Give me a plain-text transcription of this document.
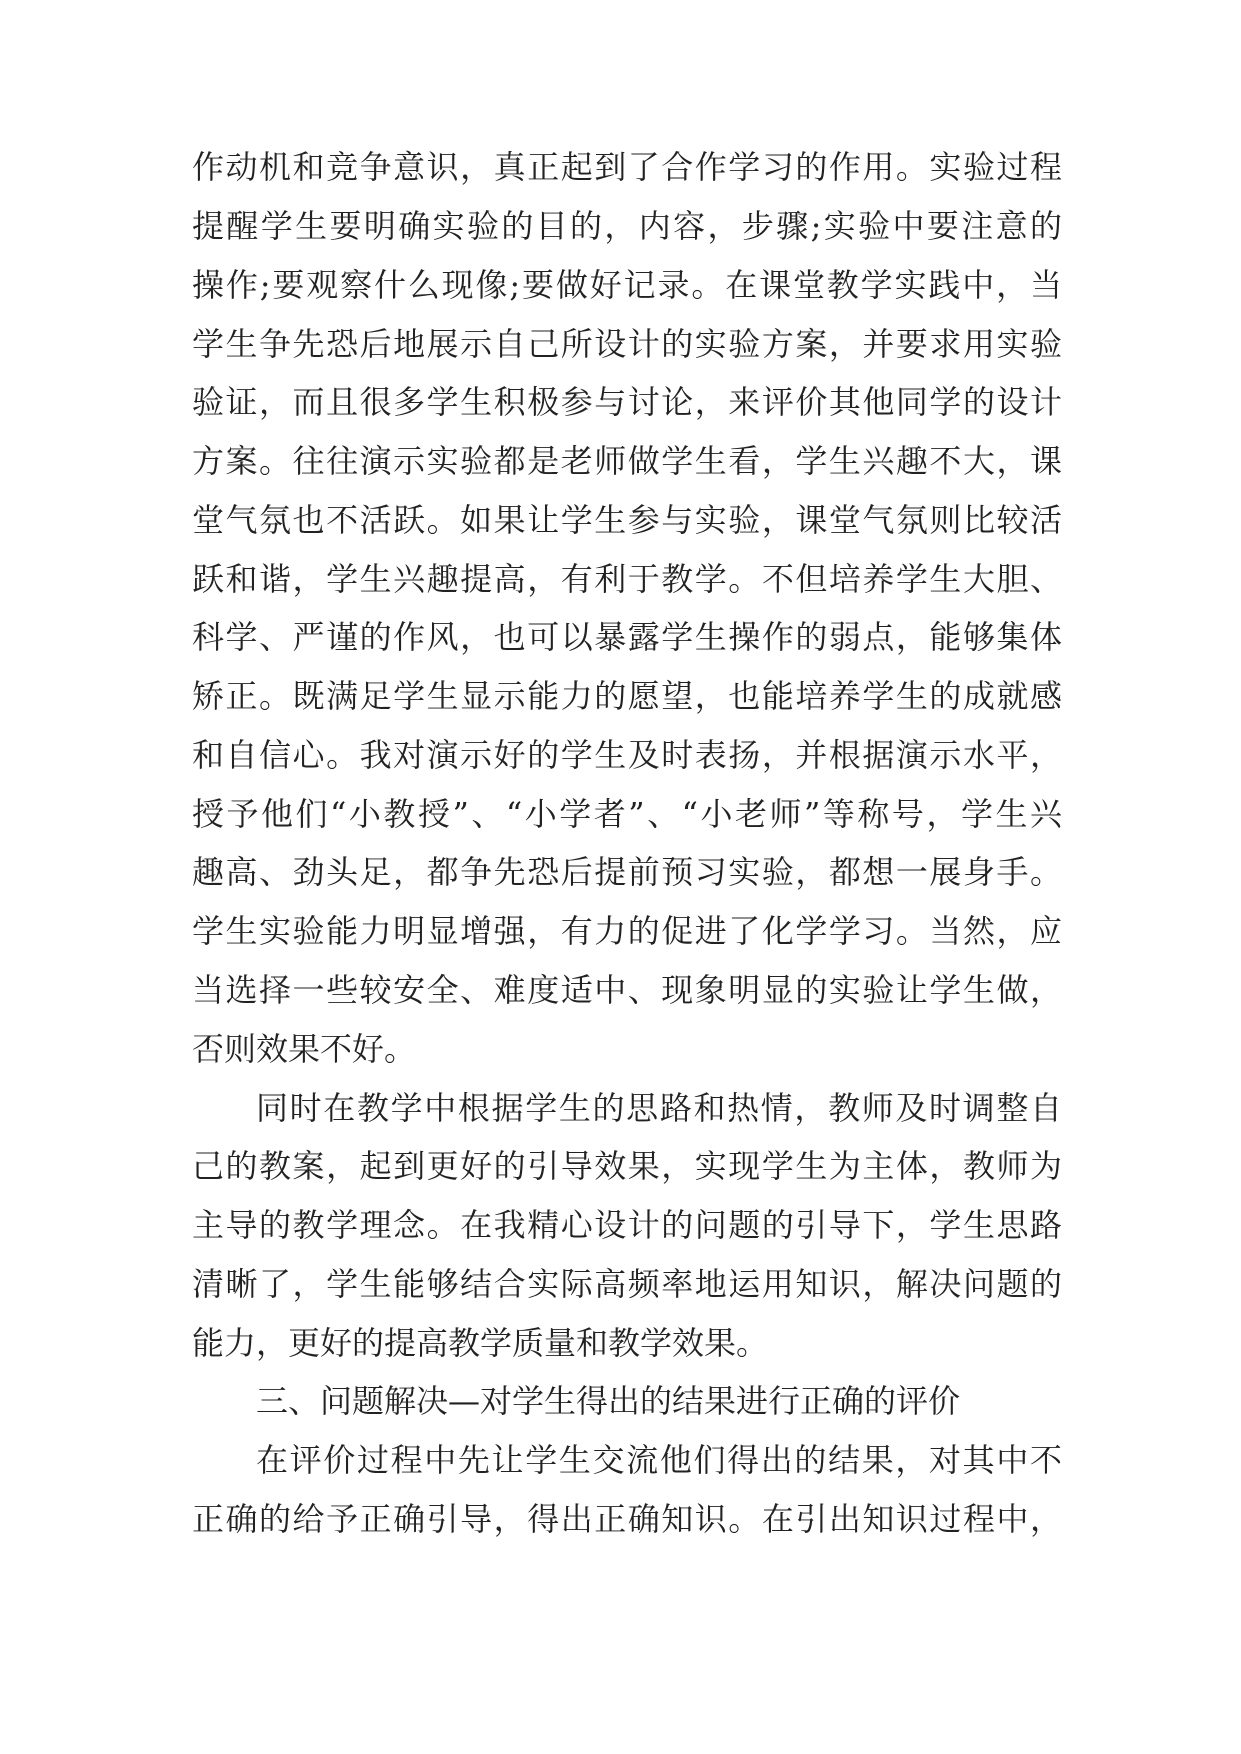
作动机和竞争意识，真正起到了合作学习的作用。实验过程
提醒学生要明确实验的目的，内容，步骤;实验中要注意的
操作;要观察什么现像;要做好记录。在课堂教学实践中，当
学生争先恐后地展示自己所设计的实验方案，并要求用实验
验证，而且很多学生积极参与讨论，来评价其他同学的设计
方案。往往演示实验都是老师做学生看，学生兴趣不大，课
堂气氛也不活跃。如果让学生参与实验，课堂气氛则比较活
跃和谐，学生兴趣提高，有利于教学。不但培养学生大胆、
科学、严谨的作风，也可以暴露学生操作的弱点，能够集体
矫正。既满足学生显示能力的愿望，也能培养学生的成就感
和自信心。我对演示好的学生及时表扬，并根据演示水平，
授予他们“小教授”、“小学者”、“小老师”等称号，学生兴
趣高、劲头足，都争先恐后提前预习实验，都想一展身手。
学生实验能力明显增强，有力的促进了化学学习。当然，应
当选择一些较安全、难度适中、现象明显的实验让学生做，
否则效果不好。
同时在教学中根据学生的思路和热情，教师及时调整自
己的教案，起到更好的引导效果，实现学生为主体，教师为
主导的教学理念。在我精心设计的问题的引导下，学生思路
清晰了，学生能够结合实际高频率地运用知识，解决问题的
能力，更好的提高教学质量和教学效果。
三、问题解决—对学生得出的结果进行正确的评价
在评价过程中先让学生交流他们得出的结果，对其中不
正确的给予正确引导，得出正确知识。在引出知识过程中，
